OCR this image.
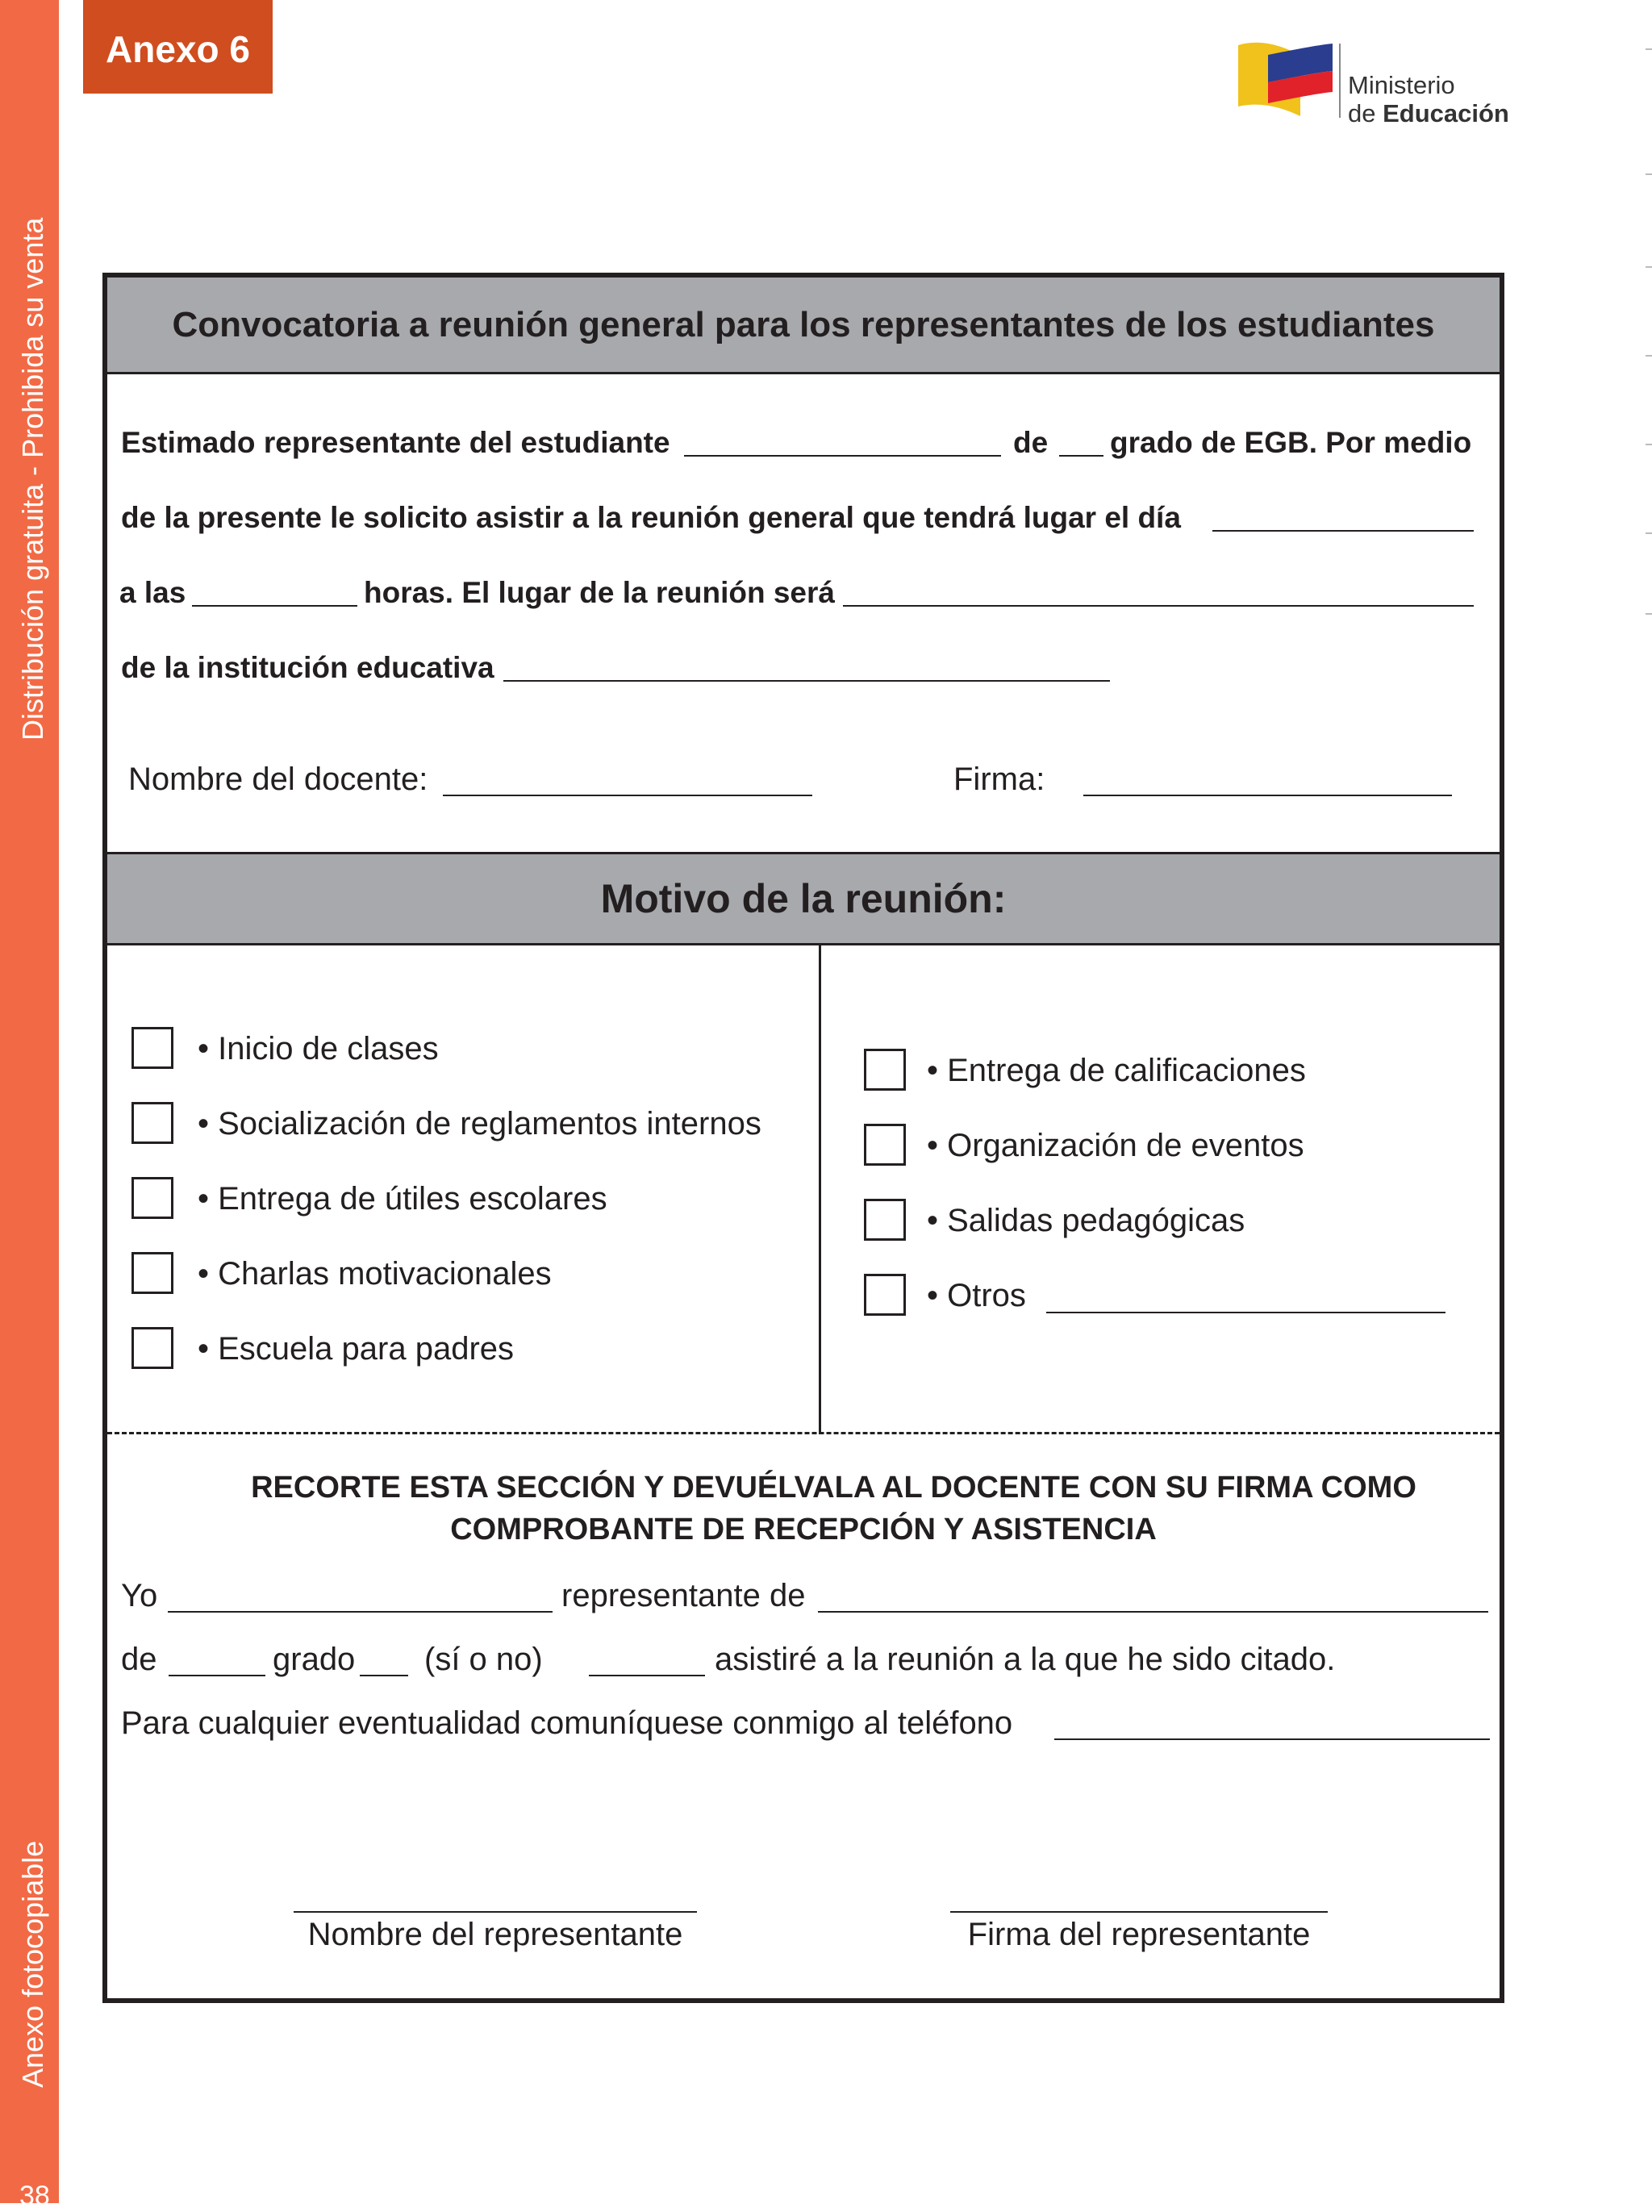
Distribución gratuita - Prohibida su venta
Anexo fotocopiable
38
Anexo 6
Ministerio
de Educación
Convocatoria a reunión general para los representantes de los estudiantes
Estimado representante del estudiante	de grado de EGB. Por medio
de la presente le solicito asistir a la reunión general que tendrá lugar el día
a las	horas. El lugar de la reunión será
de la institución educativa
Nombre del docente:	Firma:
Motivo de la reunión:
• Inicio de clases
• Socialización de reglamentos internos
• Entrega de útiles escolares
• Charlas motivacionales
• Escuela para padres
• Entrega de calificaciones
• Organización de eventos
• Salidas pedagógicas
• Otros
RECORTE ESTA SECCIÓN Y DEVUÉLVALA AL DOCENTE CON SU FIRMA COMO
COMPROBANTE DE RECEPCIÓN Y ASISTENCIA
Yo	representante de
de	grado (sí o no)	asistiré a la reunión a la que he sido citado.
Para cualquier eventualidad comuníquese conmigo al teléfono
Nombre del representante	Firma del representante
